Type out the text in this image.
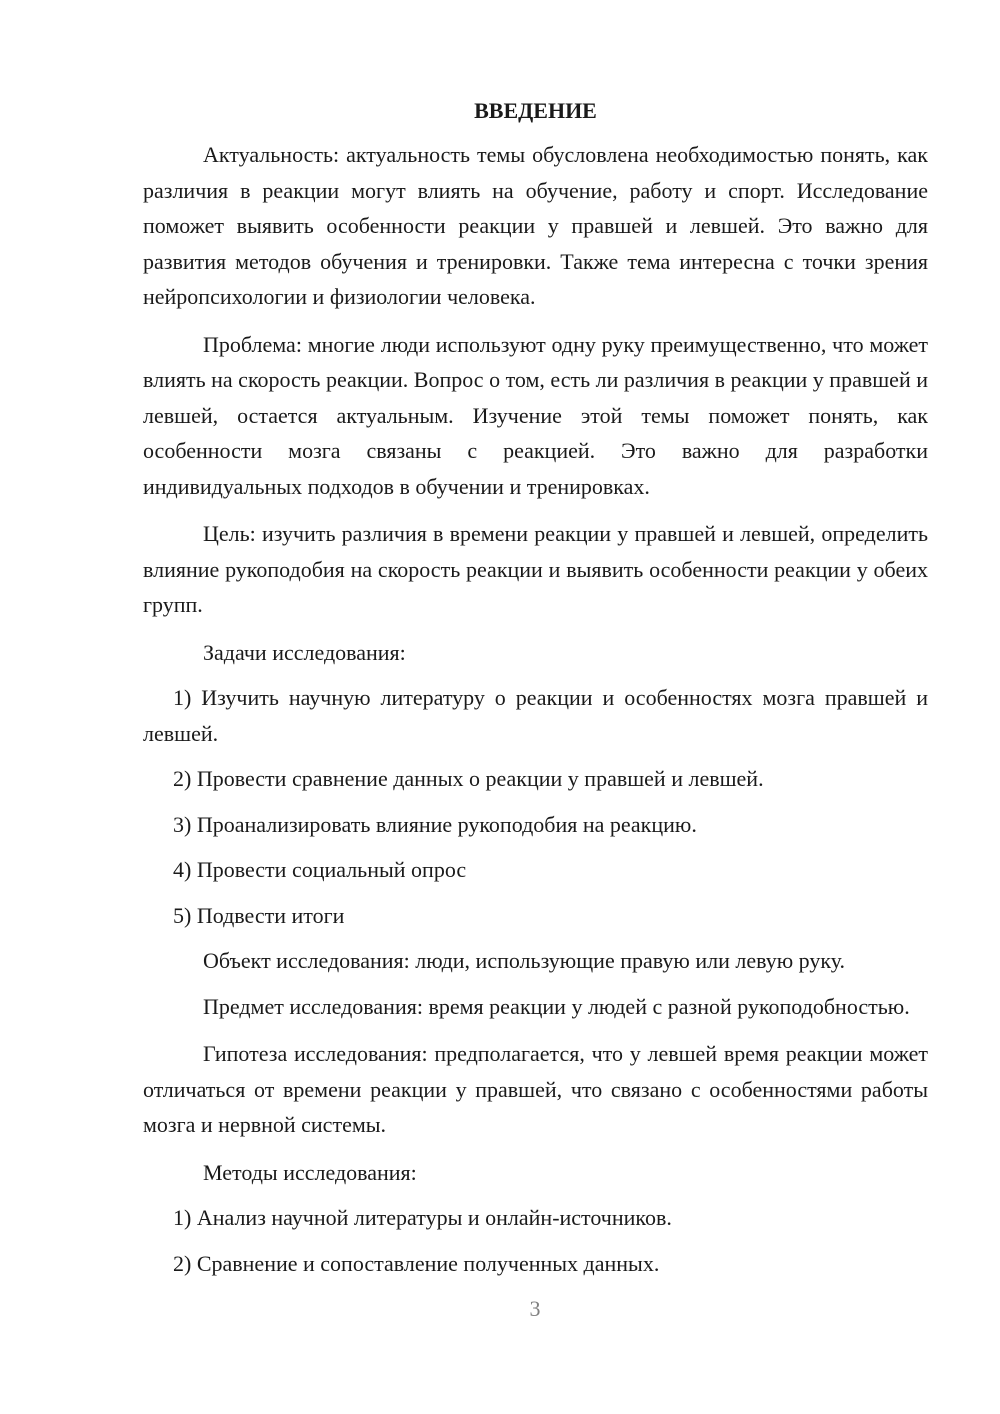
ВВЕДЕНИЕ

Актуальность: актуальность темы обусловлена необходимостью понять, как различия в реакции могут влиять на обучение, работу и спорт. Исследование поможет выявить особенности реакции у правшей и левшей. Это важно для развития методов обучения и тренировки. Также тема интересна с точки зрения нейропсихологии и физиологии человека.

Проблема: многие люди используют одну руку преимущественно, что может влиять на скорость реакции. Вопрос о том, есть ли различия в реакции у правшей и левшей, остается актуальным. Изучение этой темы поможет понять, как особенности мозга связаны с реакцией. Это важно для разработки индивидуальных подходов в обучении и тренировках.

Цель: изучить различия в времени реакции у правшей и левшей, определить влияние рукоподобия на скорость реакции и выявить особенности реакции у обеих групп.

Задачи исследования:

1) Изучить научную литературу о реакции и особенностях мозга правшей и левшей.

2) Провести сравнение данных о реакции у правшей и левшей.

3) Проанализировать влияние рукоподобия на реакцию.

4) Провести социальный опрос

5) Подвести итоги

Объект исследования: люди, использующие правую или левую руку.

Предмет исследования: время реакции у людей с разной рукоподобностью.

Гипотеза исследования: предполагается, что у левшей время реакции может отличаться от времени реакции у правшей, что связано с особенностями работы мозга и нервной системы.

Методы исследования:

1) Анализ научной литературы и онлайн-источников.

2) Сравнение и сопоставление полученных данных.

3
